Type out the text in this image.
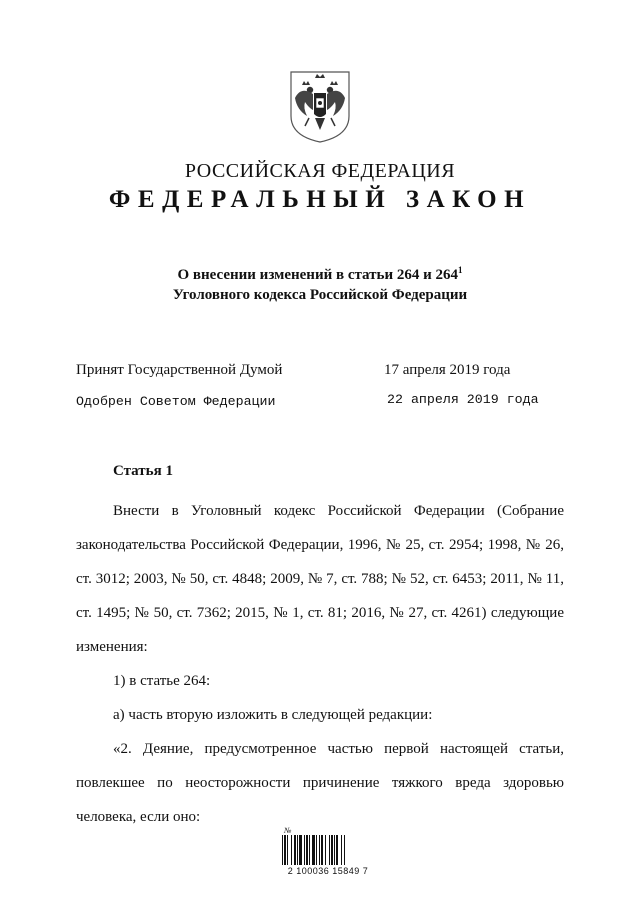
РОССИЙСКАЯ ФЕДЕРАЦИЯ
ФЕДЕРАЛЬНЫЙ ЗАКОН
О внесении изменений в статьи 264 и $264^1$
Уголовного кодекса Российской Федерации
Принят Государственной Думой	17 апреля 2019 года
Одобрен Советом Федерации	22 апреля 2019 года
Статья 1

Внести в Уголовный кодекс Российской Федерации (Собрание законодательства Российской Федерации, 1996, № 25, ст. 2954; 1998, № 26, ст. 3012; 2003, № 50, ст. 4848; 2009, № 7, ст. 788; № 52, ст. 6453; 2011, № 11, ст. 1495; № 50, ст. 7362; 2015, № 1, ст. 81; 2016, № 27, ст. 4261) следующие изменения:

1) в статье 264:

а) часть вторую изложить в следующей редакции:

«2. Деяние, предусмотренное частью первой настоящей статьи, повлекшее по неосторожности причинение тяжкого вреда здоровью человека, если оно:

№
2 100036 15849 7
